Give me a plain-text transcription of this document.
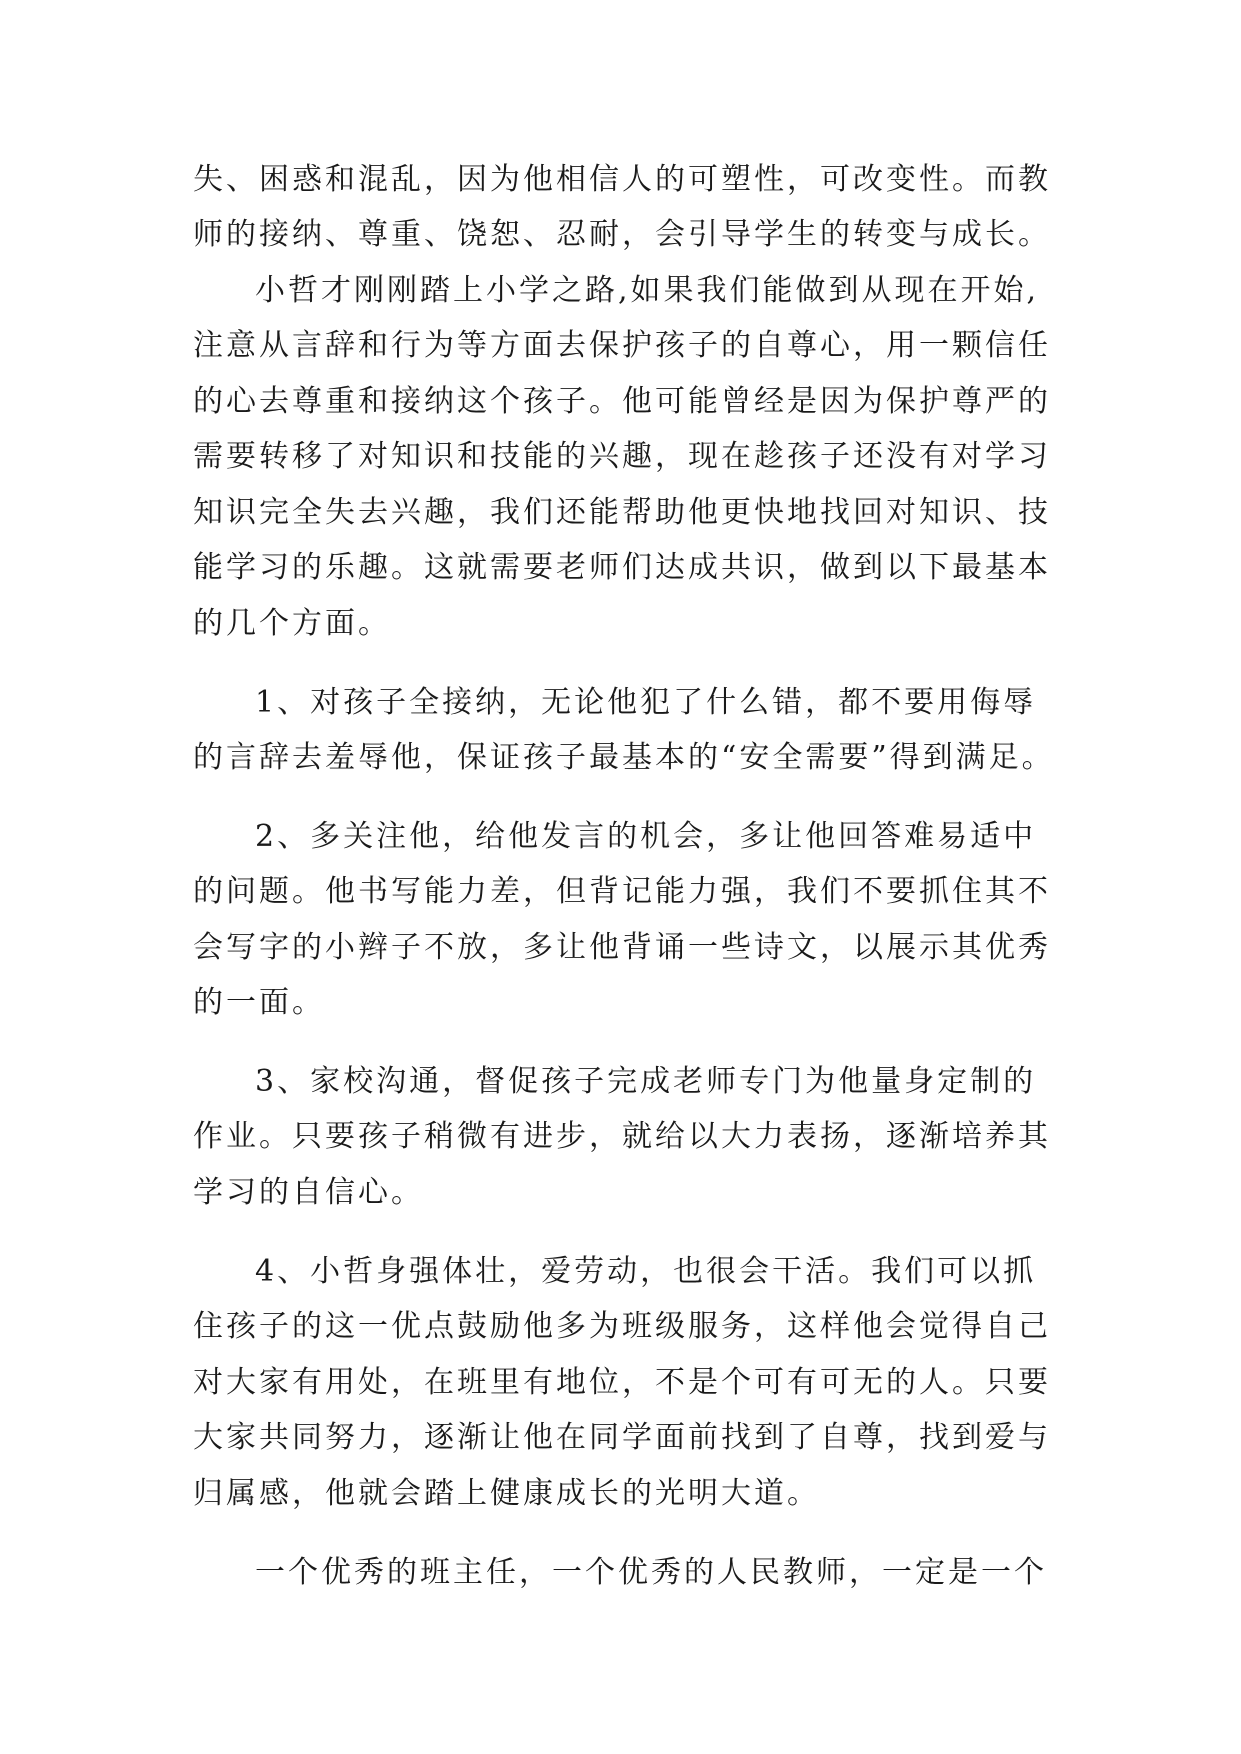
失、困惑和混乱，因为他相信人的可塑性，可改变性。而教
师的接纳、尊重、饶恕、忍耐，会引导学生的转变与成长。
小哲才刚刚踏上小学之路,如果我们能做到从现在开始,
注意从言辞和行为等方面去保护孩子的自尊心，用一颗信任
的心去尊重和接纳这个孩子。他可能曾经是因为保护尊严的
需要转移了对知识和技能的兴趣，现在趁孩子还没有对学习
知识完全失去兴趣，我们还能帮助他更快地找回对知识、技
能学习的乐趣。这就需要老师们达成共识，做到以下最基本
的几个方面。
1、对孩子全接纳，无论他犯了什么错，都不要用侮辱
的言辞去羞辱他，保证孩子最基本的“安全需要”得到满足。
2、多关注他，给他发言的机会，多让他回答难易适中
的问题。他书写能力差，但背记能力强，我们不要抓住其不
会写字的小辫子不放，多让他背诵一些诗文，以展示其优秀
的一面。
3、家校沟通，督促孩子完成老师专门为他量身定制的
作业。只要孩子稍微有进步，就给以大力表扬，逐渐培养其
学习的自信心。
4、小哲身强体壮，爱劳动，也很会干活。我们可以抓
住孩子的这一优点鼓励他多为班级服务，这样他会觉得自己
对大家有用处，在班里有地位，不是个可有可无的人。只要
大家共同努力，逐渐让他在同学面前找到了自尊，找到爱与
归属感，他就会踏上健康成长的光明大道。
一个优秀的班主任，一个优秀的人民教师，一定是一个
